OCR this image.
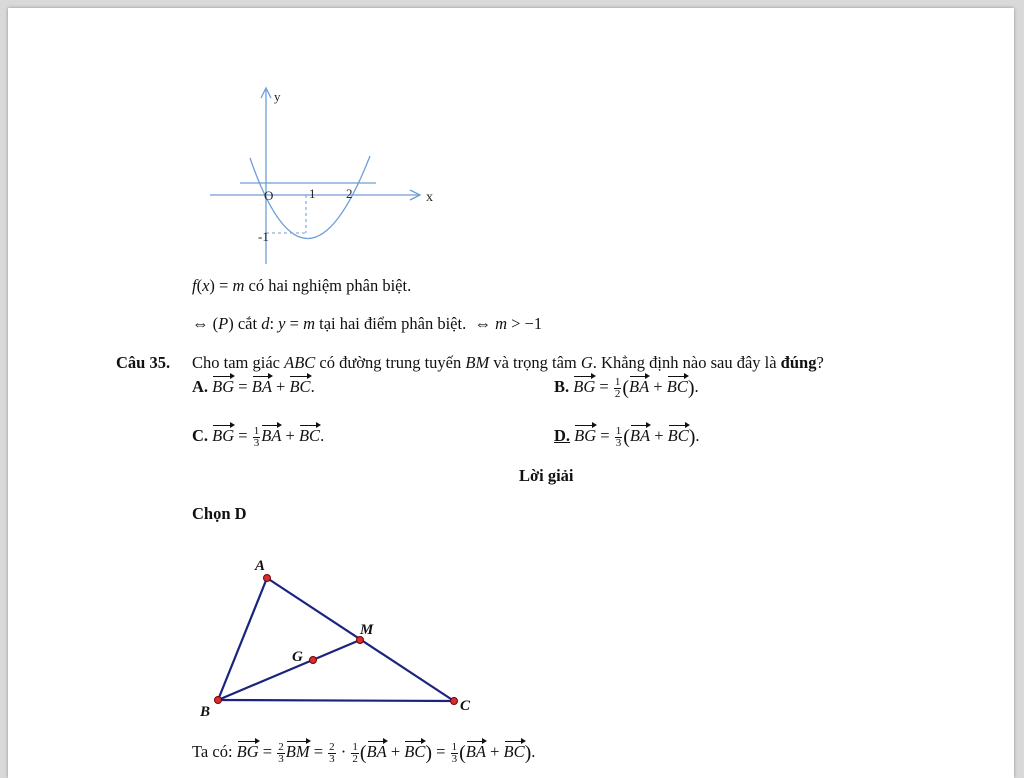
y
x
O	1 2
-1
f(x) = m có hai nghiệm phân biệt.
⇔ (P) cắt d: y = m tại hai điểm phân biệt.  ⇔ m > −1
Câu 35. Cho tam giác ABC có đường trung tuyến BM và trọng tâm G. Khẳng định nào sau đây là đúng?
A. BG = BA + BC.	B. BG = $\frac{1}{2} (BA + BC)$.
C. BG = $\frac{1}{3}$ BA + BC.	D. BG = $\frac{1}{3} (BA + BC)$.
Lời giải
Chọn D
A
B	C
M
G
Ta có: BG = $\frac{2}{3}$ BM = $\frac{2}{3} \cdot \frac{1}{2} (BA + BC) = \frac{1}{3} (BA + BC)$.
